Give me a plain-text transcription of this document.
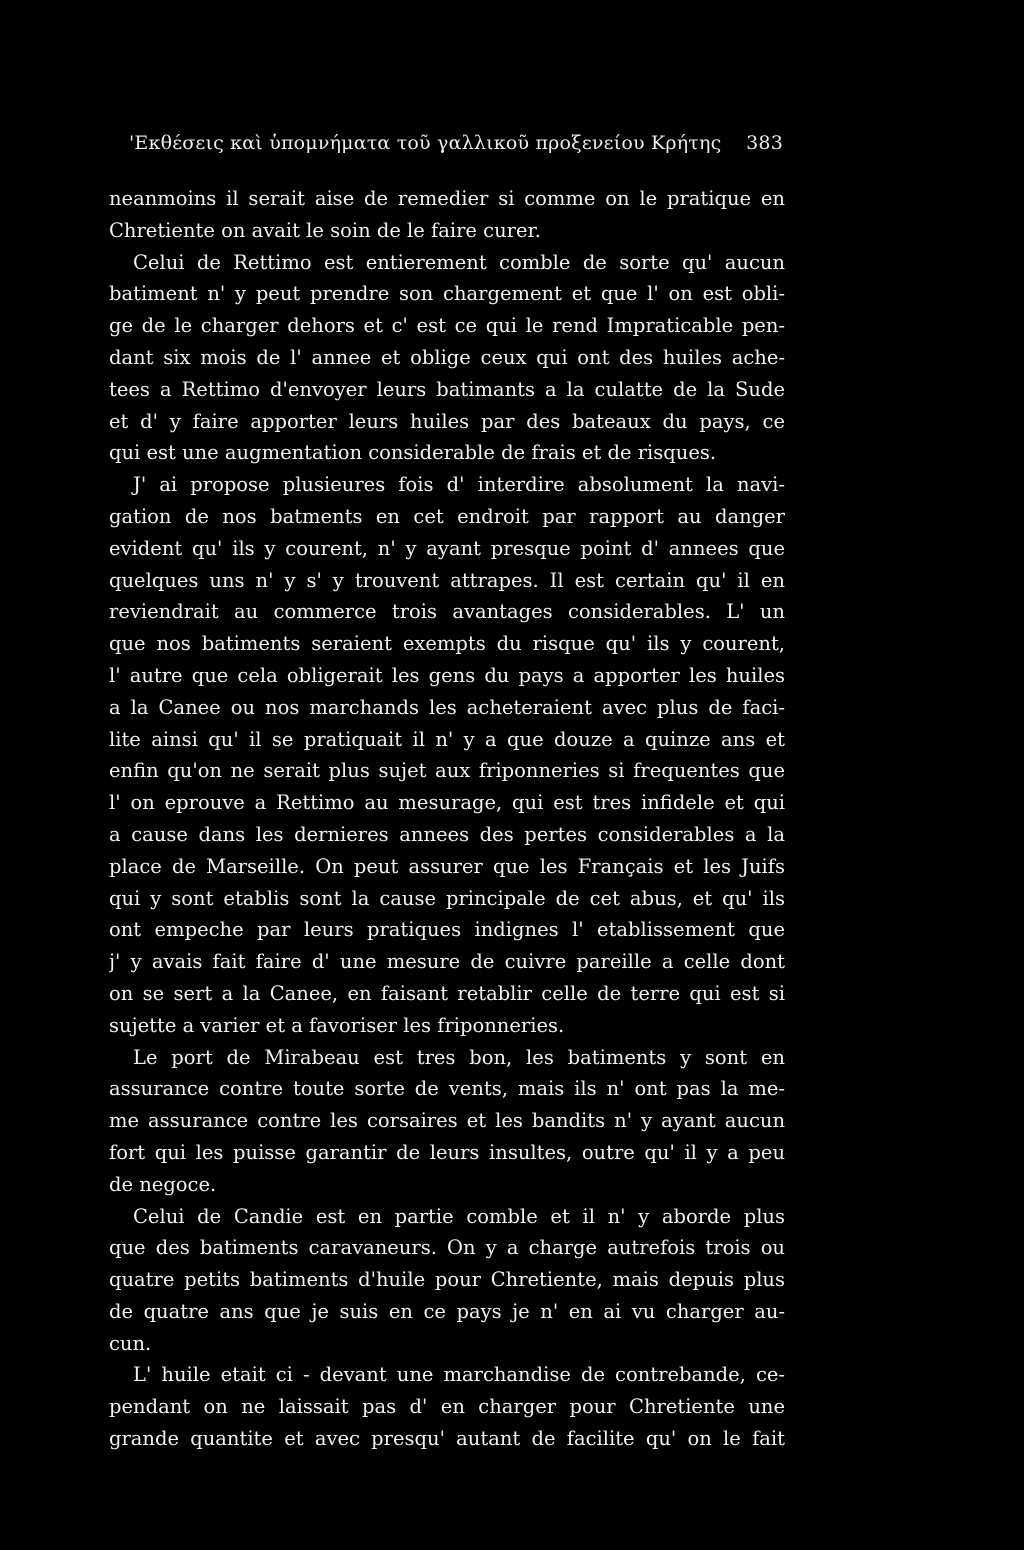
'Εκθέσεις καὶ ὑπομνήματα τοῦ γαλλικοῦ προξενείου Κρήτης 383
neanmoins il serait aise de remedier si comme on le pratique en
Chretiente on avait le soin de le faire curer.
Celui de Rettimo est entierement comble de sorte qu' aucun
batiment n' y peut prendre son chargement et que l' on est obli-
ge de le charger dehors et c' est ce qui le rend Impraticable pen-
dant six mois de l' annee et oblige ceux qui ont des huiles ache-
tees a Rettimo d'envoyer leurs batimants a la culatte de la Sude
et d' y faire apporter leurs huiles par des bateaux du pays, ce
qui est une augmentation considerable de frais et de risques.
J' ai propose plusieures fois d' interdire absolument la navi-
gation de nos batments en cet endroit par rapport au danger
evident qu' ils y courent, n' y ayant presque point d' annees que
quelques uns n' y s' y trouvent attrapes. Il est certain qu' il en
reviendrait au commerce trois avantages considerables. L' un
que nos batiments seraient exempts du risque qu' ils y courent,
l' autre que cela obligerait les gens du pays a apporter les huiles
a la Canee ou nos marchands les acheteraient avec plus de faci-
lite ainsi qu' il se pratiquait il n' y a que douze a quinze ans et
enfin qu'on ne serait plus sujet aux friponneries si frequentes que
l' on eprouve a Rettimo au mesurage, qui est tres infidele et qui
a cause dans les dernieres annees des pertes considerables a la
place de Marseille. On peut assurer que les Français et les Juifs
qui y sont etablis sont la cause principale de cet abus, et qu' ils
ont empeche par leurs pratiques indignes l' etablissement que
j' y avais fait faire d' une mesure de cuivre pareille a celle dont
on se sert a la Canee, en faisant retablir celle de terre qui est si
sujette a varier et a favoriser les friponneries.
Le port de Mirabeau est tres bon, les batiments y sont en
assurance contre toute sorte de vents, mais ils n' ont pas la me-
me assurance contre les corsaires et les bandits n' y ayant aucun
fort qui les puisse garantir de leurs insultes, outre qu' il y a peu
de negoce.
Celui de Candie est en partie comble et il n' y aborde plus
que des batiments caravaneurs. On y a charge autrefois trois ou
quatre petits batiments d'huile pour Chretiente, mais depuis plus
de quatre ans que je suis en ce pays je n' en ai vu charger au-
cun.
L' huile etait ci - devant une marchandise de contrebande, ce-
pendant on ne laissait pas d' en charger pour Chretiente une
grande quantite et avec presqu' autant de facilite qu' on le fait
